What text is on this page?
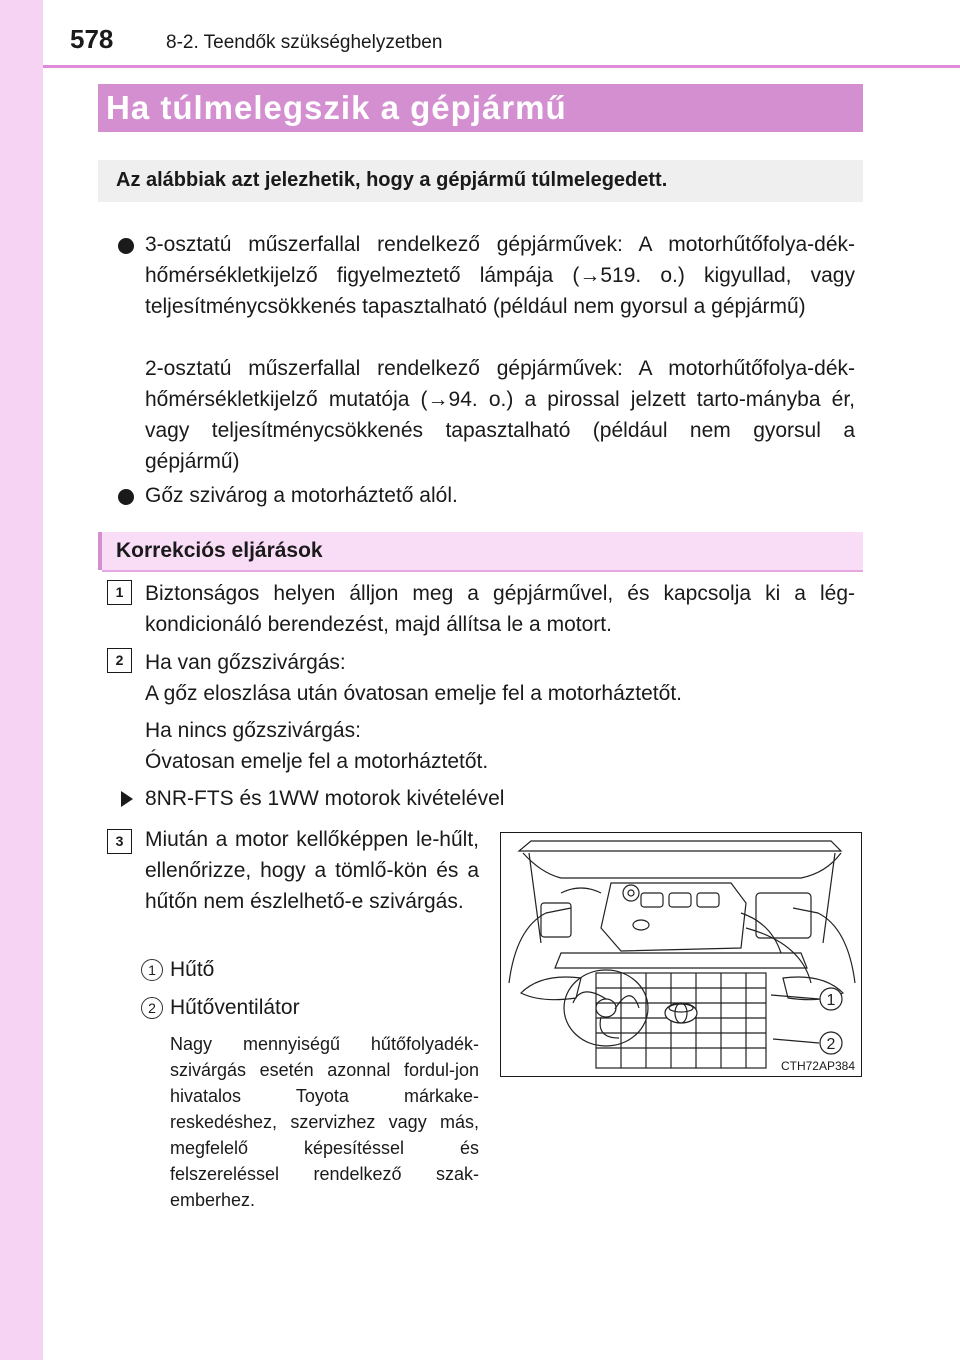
578	8-2. Teendők szükséghelyzetben
Ha túlmelegszik a gépjármű
Az alábbiak azt jelezhetik, hogy a gépjármű túlmelegedett.
3-osztatú műszerfallal rendelkező gépjárművek: A motorhűtőfolya-dék-hőmérsékletkijelző figyelmeztető lámpája (→519. o.) kigyullad, vagy teljesítménycsökkenés tapasztalható (például nem gyorsul a gépjármű)
2-osztatú műszerfallal rendelkező gépjárművek: A motorhűtőfolya-dék-hőmérsékletkijelző mutatója (→94. o.) a pirossal jelzett tarto-mányba ér, vagy teljesítménycsökkenés tapasztalható (például nem gyorsul a gépjármű)
Gőz szivárog a motorháztető alól.
Korrekciós eljárások
1	Biztonságos helyen álljon meg a gépjárművel, és kapcsolja ki a lég-kondicionáló berendezést, majd állítsa le a motort.
2	Ha van gőzszivárgás:
A gőz eloszlása után óvatosan emelje fel a motorháztetőt.
Ha nincs gőzszivárgás:
Óvatosan emelje fel a motorháztetőt.
8NR-FTS és 1WW motorok kivételével
3	Miután a motor kellőképpen le-hűlt, ellenőrizze, hogy a tömlő-kön és a hűtőn nem észlelhető-e szivárgás.
1 Hűtő
2 Hűtőventilátor
Nagy mennyiségű hűtőfolyadék-szivárgás esetén azonnal fordul-jon hivatalos Toyota márkake-reskedéshez, szervizhez vagy más, megfelelő képesítéssel és felszereléssel rendelkező szak-emberhez.
1
2
CTH72AP384
